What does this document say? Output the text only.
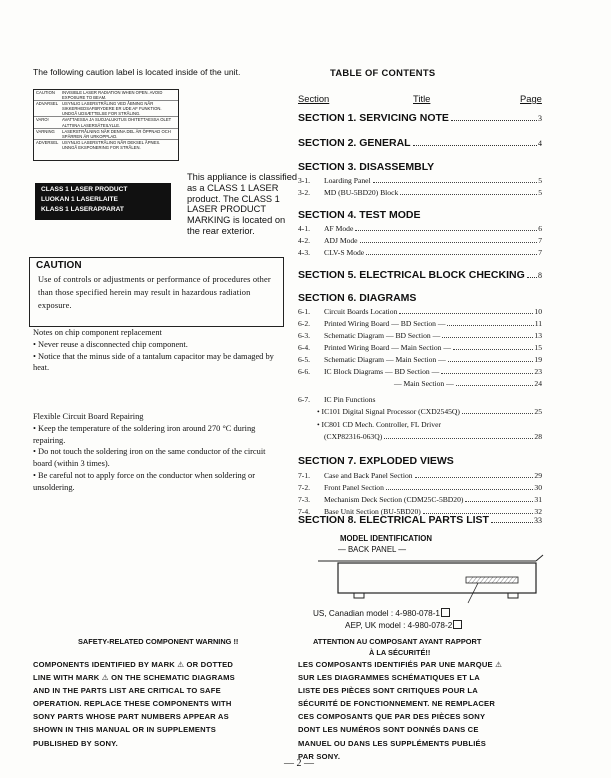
The following caution label is located inside of the unit.
CAUTION	INVISIBLE LASER RADIATION WHEN OPEN. AVOID EXPOSURE TO BEAM.
ADVARSEL USYNLIG LASERSTRÅLING VED ÅBNING NÅR SIKKERHEDSAFBRYDERE ER UDE AF FUNKTION. UNDGÅ UDSÆTTELSE FOR STRÅLING.
VARO!	AVATTAESSA JA SUOJALUKITUS OHITETTAESSA OLET ALTTIINA LASERSÄTEILYLLE.
VARNING	LASERSTRÅLNING NÄR DENNA DEL ÄR ÖPPNAD OCH SPÄRREN ÄR URKOPPLAD.
ADVERSEL USYNLIG LASERSTRÅLING NÅR DEKSEL ÅPNES. UNNGÅ EKSPONERING FOR STRÅLEN.
CLASS 1 LASER PRODUCT
LUOKAN 1 LASERLAITE
KLASS 1 LASERAPPARAT
This appliance is classified as a CLASS 1 LASER product. The CLASS 1 LASER PRODUCT MARKING is located on the rear exterior.
CAUTION
Use of controls or adjustments or performance of procedures other than those specified herein may result in hazardous radiation exposure.

Notes on chip component replacement

• Never reuse a disconnected chip component.

• Notice that the minus side of a tantalum capacitor may be damaged by heat.

Flexible Circuit Board Repairing

• Keep the temperature of the soldering iron around 270 °C during repairing.

• Do not touch the soldering iron on the same conductor of the circuit board (within 3 times).

• Be careful not to apply force on the conductor when soldering or unsoldering.

TABLE OF CONTENTS
Section	Title	Page
SECTION 1. SERVICING NOTE	3
SECTION 2. GENERAL	4
SECTION 3. DISASSEMBLY
3-1.	Loarding Panel	5
3-2.	MD (BU-5BD20) Block	5
SECTION 4. TEST MODE
4-1.	AF Mode	6
4-2.	ADJ Mode	7
4-3.	CLV-S Mode	7
SECTION 5. ELECTRICAL BLOCK CHECKING 8
SECTION 6. DIAGRAMS
6-1.	Circuit Boards Location	10
6-2.	Printed Wiring Board — BD Section —	11
6-3.	Schematic Diagram — BD Section —	13
6-4.	Printed Wiring Board — Main Section —	15
6-5.	Schematic Diagram — Main Section —	19
6-6.	IC Block Diagrams — BD Section —	23
— Main Section —	24
6-7.	IC Pin Functions
• IC101 Digital Signal Processor (CXD2545Q)	25
• IC801 CD Mech. Controller, FL Driver
(CXP82316-063Q)	28
SECTION 7. EXPLODED VIEWS
7-1.	Case and Back Panel Section	29
7-2.	Front Panel Section	30
7-3.	Mechanism Deck Section (CDM25C-5BD20)	31
7-4.	Base Unit Section (BU-5BD20)	32
SECTION 8. ELECTRICAL PARTS LIST	33
MODEL IDENTIFICATION
— BACK PANEL —
US, Canadian model : 4-980-078-1
AEP, UK model : 4-980-078-2
SAFETY-RELATED COMPONENT WARNING !!
COMPONENTS IDENTIFIED BY MARK ⚠ OR DOTTED
LINE WITH MARK ⚠ ON THE SCHEMATIC DIAGRAMS
AND IN THE PARTS LIST ARE CRITICAL TO SAFE
OPERATION. REPLACE THESE COMPONENTS WITH
SONY PARTS WHOSE PART NUMBERS APPEAR AS
SHOWN IN THIS MANUAL OR IN SUPPLEMENTS
PUBLISHED BY SONY.
ATTENTION AU COMPOSANT AYANT RAPPORT
À LA SÉCURITÉ!!
LES COMPOSANTS IDENTIFIÉS PAR UNE MARQUE ⚠
SUR LES DIAGRAMMES SCHÉMATIQUES ET LA
LISTE DES PIÈCES SONT CRITIQUES POUR LA
SÉCURITÉ DE FONCTIONNEMENT. NE REMPLACER
CES COMPOSANTS QUE PAR DES PIÈCES SONY
DONT LES NUMÉROS SONT DONNÉS DANS CE
MANUEL OU DANS LES SUPPLÉMENTS PUBLIÉS
PAR SONY.
— 2 —
